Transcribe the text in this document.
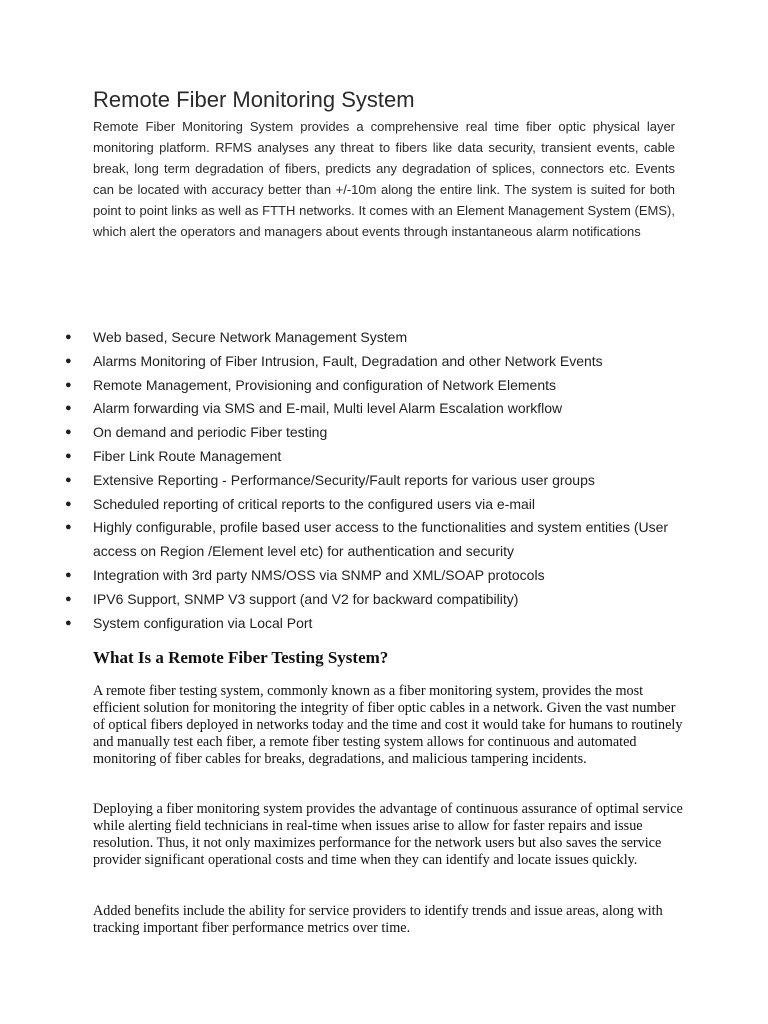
Remote Fiber Monitoring System

Remote Fiber Monitoring System provides a comprehensive real time fiber optic physical layer monitoring platform. RFMS analyses any threat to fibers like data security, transient events, cable break, long term degradation of fibers, predicts any degradation of splices, connectors etc. Events can be located with accuracy better than +/-10m along the entire link. The system is suited for both point to point links as well as FTTH networks. It comes with an Element Management System (EMS), which alert the operators and managers about events through instantaneous alarm notifications

● Web based, Secure Network Management System
● Alarms Monitoring of Fiber Intrusion, Fault, Degradation and other Network Events
● Remote Management, Provisioning and configuration of Network Elements
● Alarm forwarding via SMS and E-mail, Multi level Alarm Escalation workflow
● On demand and periodic Fiber testing
● Fiber Link Route Management
● Extensive Reporting - Performance/Security/Fault reports for various user groups
● Scheduled reporting of critical reports to the configured users via e-mail
● Highly configurable, profile based user access to the functionalities and system entities (User access on Region /Element level etc) for authentication and security
● Integration with 3rd party NMS/OSS via SNMP and XML/SOAP protocols
● IPV6 Support, SNMP V3 support (and V2 for backward compatibility)
● System configuration via Local Port
What Is a Remote Fiber Testing System?

A remote fiber testing system, commonly known as a fiber monitoring system, provides the most efficient solution for monitoring the integrity of fiber optic cables in a network. Given the vast number of optical fibers deployed in networks today and the time and cost it would take for humans to routinely and manually test each fiber, a remote fiber testing system allows for continuous and automated monitoring of fiber cables for breaks, degradations, and malicious tampering incidents.

Deploying a fiber monitoring system provides the advantage of continuous assurance of optimal service while alerting field technicians in real-time when issues arise to allow for faster repairs and issue resolution. Thus, it not only maximizes performance for the network users but also saves the service provider significant operational costs and time when they can identify and locate issues quickly.

Added benefits include the ability for service providers to identify trends and issue areas, along with tracking important fiber performance metrics over time.
